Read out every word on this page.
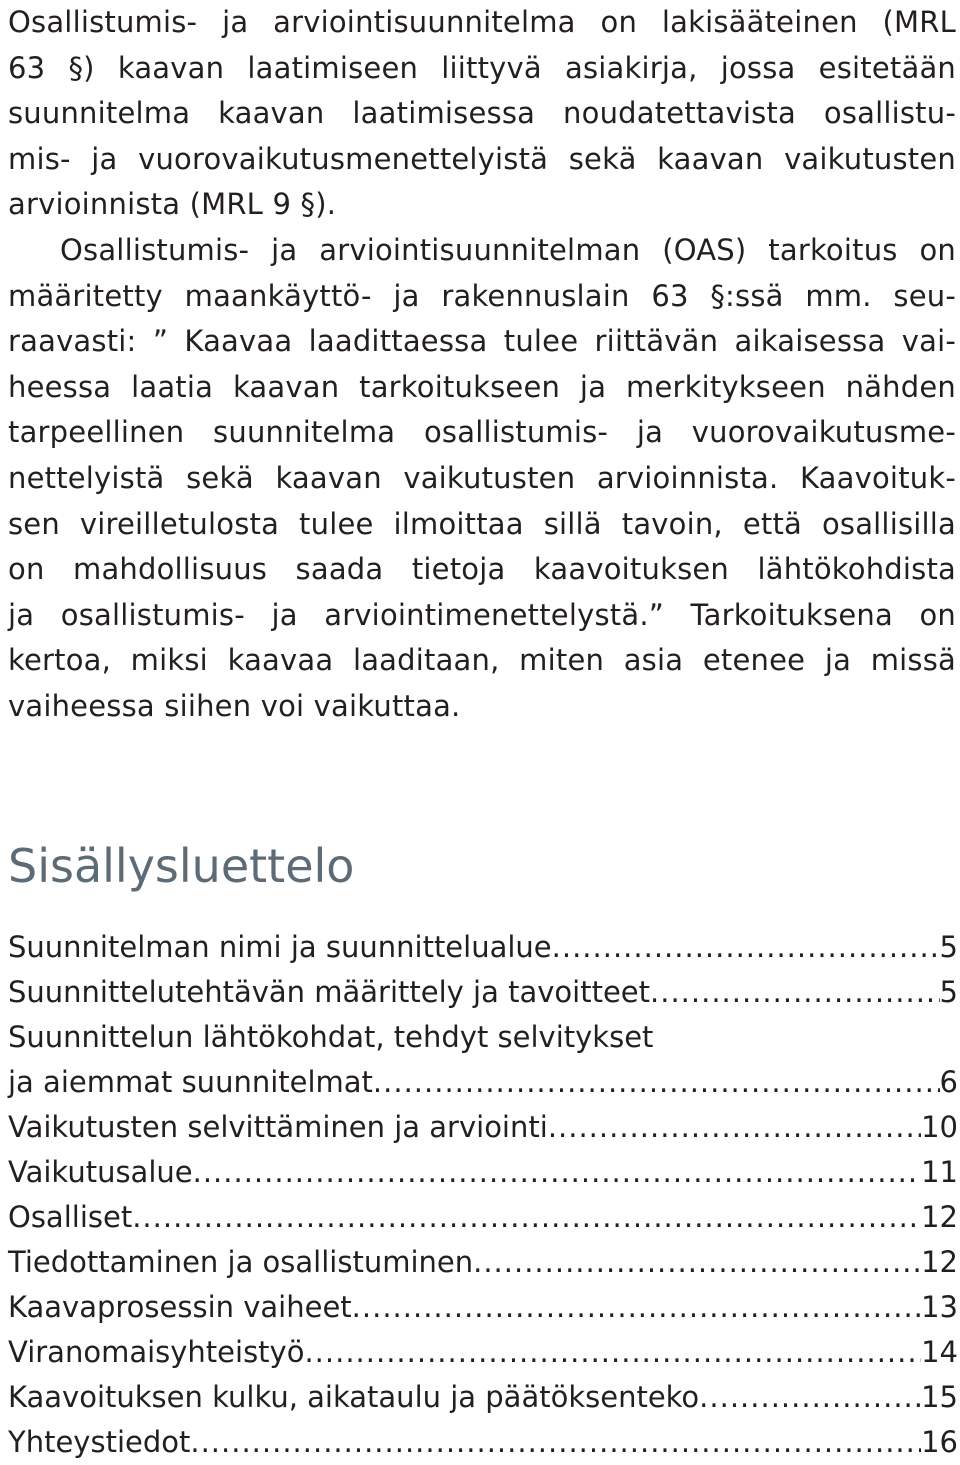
Osallistumis- ja arviointisuunnitelma on lakisääteinen (MRL
63 §) kaavan laatimiseen liittyvä asiakirja, jossa esitetään
suunnitelma kaavan laatimisessa noudatettavista osallistu-
mis- ja vuorovaikutusmenettelyistä sekä kaavan vaikutusten
arvioinnista (MRL 9 §).
Osallistumis- ja arviointisuunnitelman (OAS) tarkoitus on
määritetty maankäyttö- ja rakennuslain 63 §:ssä mm. seu-
raavasti: ” Kaavaa laadittaessa tulee riittävän aikaisessa vai-
heessa laatia kaavan tarkoitukseen ja merkitykseen nähden
tarpeellinen suunnitelma osallistumis- ja vuorovaikutusme-
nettelyistä sekä kaavan vaikutusten arvioinnista. Kaavoituk-
sen vireilletulosta tulee ilmoittaa sillä tavoin, että osallisilla
on mahdollisuus saada tietoja kaavoituksen lähtökohdista
ja osallistumis- ja arviointimenettelystä.” Tarkoituksena on
kertoa, miksi kaavaa laaditaan, miten asia etenee ja missä
vaiheessa siihen voi vaikuttaa.
Sisällysluettelo
Suunnitelman nimi ja suunnittelualue .....	5
Suunnittelutehtävän määrittely ja tavoitteet .....	5
Suunnittelun lähtökohdat, tehdyt selvitykset
ja aiemmat suunnitelmat .....	6
Vaikutusten selvittäminen ja arviointi .....	10
Vaikutusalue .....	11
Osalliset .....	12
Tiedottaminen ja osallistuminen .....	12
Kaavaprosessin vaiheet .....	13
Viranomaisyhteistyö .....	14
Kaavoituksen kulku, aikataulu ja päätöksenteko .....	15
Yhteystiedot .....	16
